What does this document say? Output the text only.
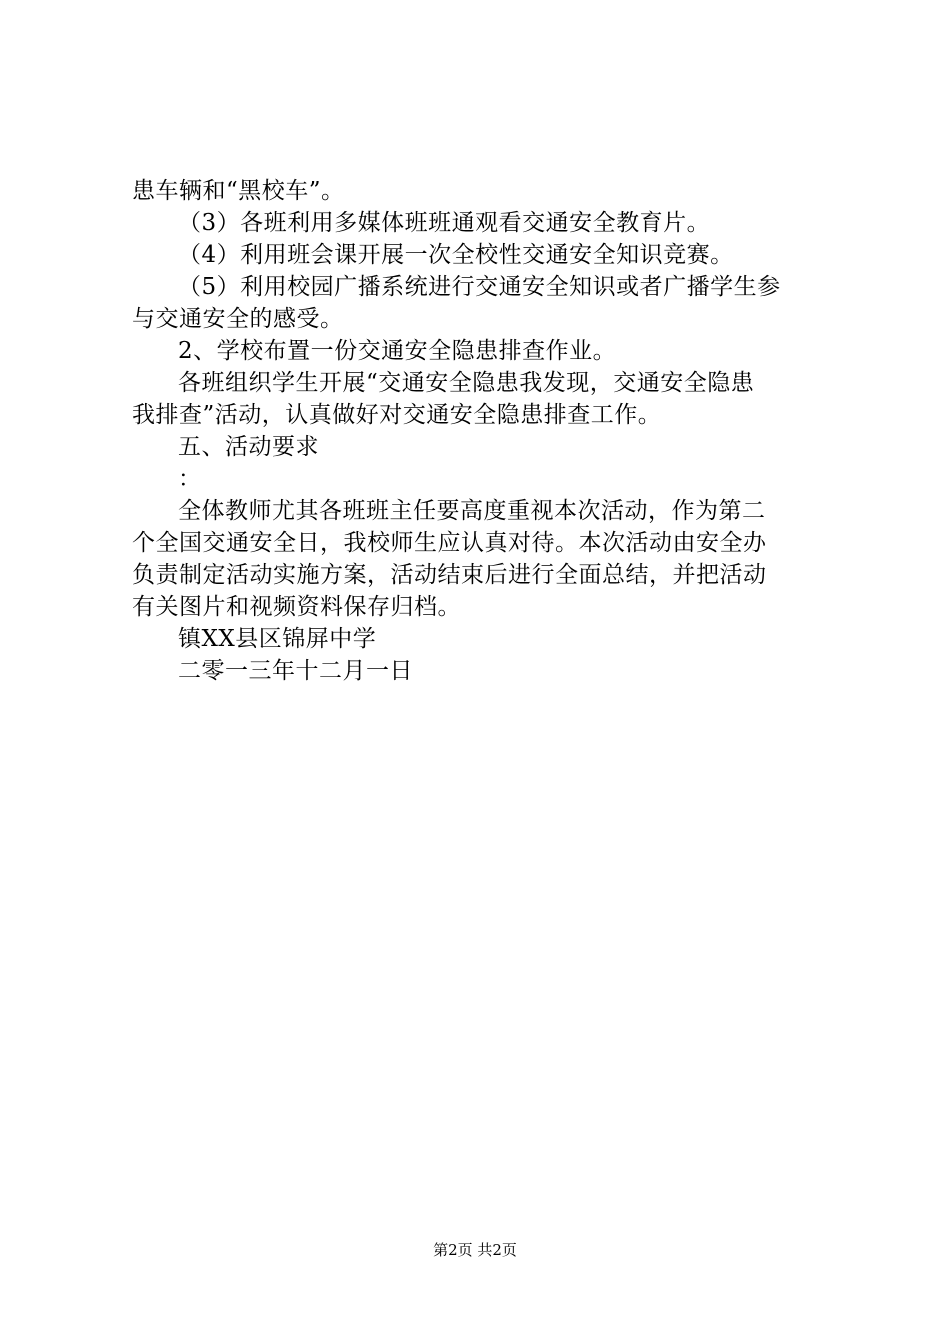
患车辆和“黑校车”。
（3）各班利用多媒体班班通观看交通安全教育片。
（4）利用班会课开展一次全校性交通安全知识竞赛。
（5）利用校园广播系统进行交通安全知识或者广播学生参
与交通安全的感受。
2、学校布置一份交通安全隐患排查作业。
各班组织学生开展“交通安全隐患我发现，交通安全隐患
我排查”活动，认真做好对交通安全隐患排查工作。
五、活动要求
：
全体教师尤其各班班主任要高度重视本次活动，作为第二
个全国交通安全日，我校师生应认真对待。本次活动由安全办
负责制定活动实施方案，活动结束后进行全面总结，并把活动
有关图片和视频资料保存归档。
镇XX县区锦屏中学
二零一三年十二月一日
第2页 共2页
